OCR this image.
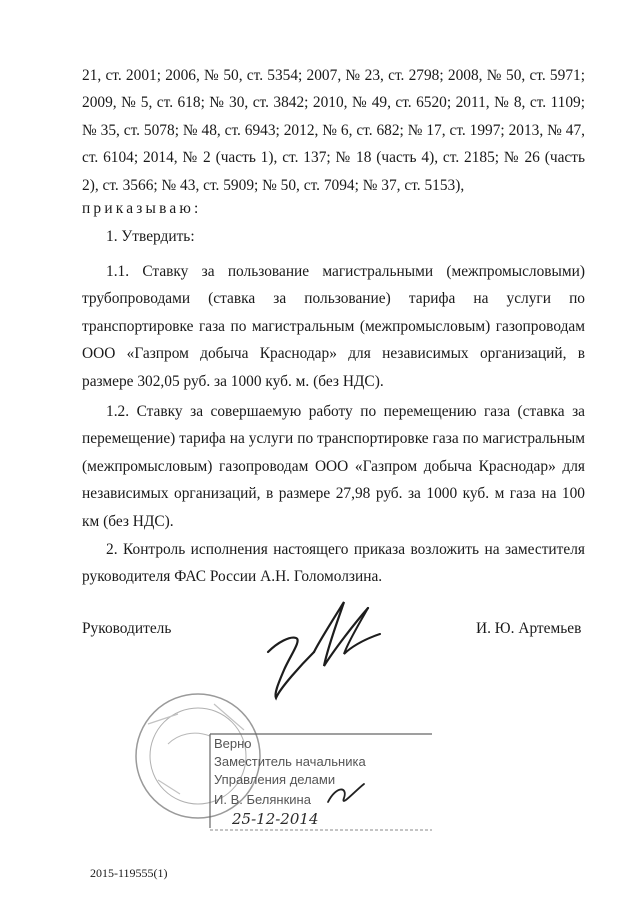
21, ст. 2001; 2006, № 50, ст. 5354; 2007, № 23, ст. 2798; 2008, № 50, ст. 5971; 2009, № 5, ст. 618; № 30, ст. 3842; 2010, № 49, ст. 6520; 2011, № 8, ст. 1109; № 35, ст. 5078; № 48, ст. 6943; 2012, № 6, ст. 682; № 17, ст. 1997; 2013, № 47, ст. 6104; 2014, № 2 (часть 1), ст. 137; № 18 (часть 4), ст. 2185; № 26 (часть 2), ст. 3566; № 43, ст. 5909; № 50, ст. 7094; № 37, ст. 5153),

приказываю:
1. Утвердить:

1.1. Ставку за пользование магистральными (межпромысловыми) трубопроводами (ставка за пользование) тарифа на услуги по транспортировке газа по магистральным (межпромысловым) газопроводам ООО «Газпром добыча Краснодар» для независимых организаций, в размере 302,05 руб. за 1000 куб. м. (без НДС).

1.2. Ставку за совершаемую работу по перемещению газа (ставка за перемещение) тарифа на услуги по транспортировке газа по магистральным (межпромысловым) газопроводам ООО «Газпром добыча Краснодар» для независимых организаций, в размере 27,98 руб. за 1000 куб. м газа на 100 км (без НДС).

2. Контроль исполнения настоящего приказа возложить на заместителя руководителя ФАС России А.Н. Голомолзина.

Руководитель	И. Ю. Артемьев
Верно
Заместитель начальника
Управления делами
И. В. Белянкина
25-12-2014
2015-119555(1)
